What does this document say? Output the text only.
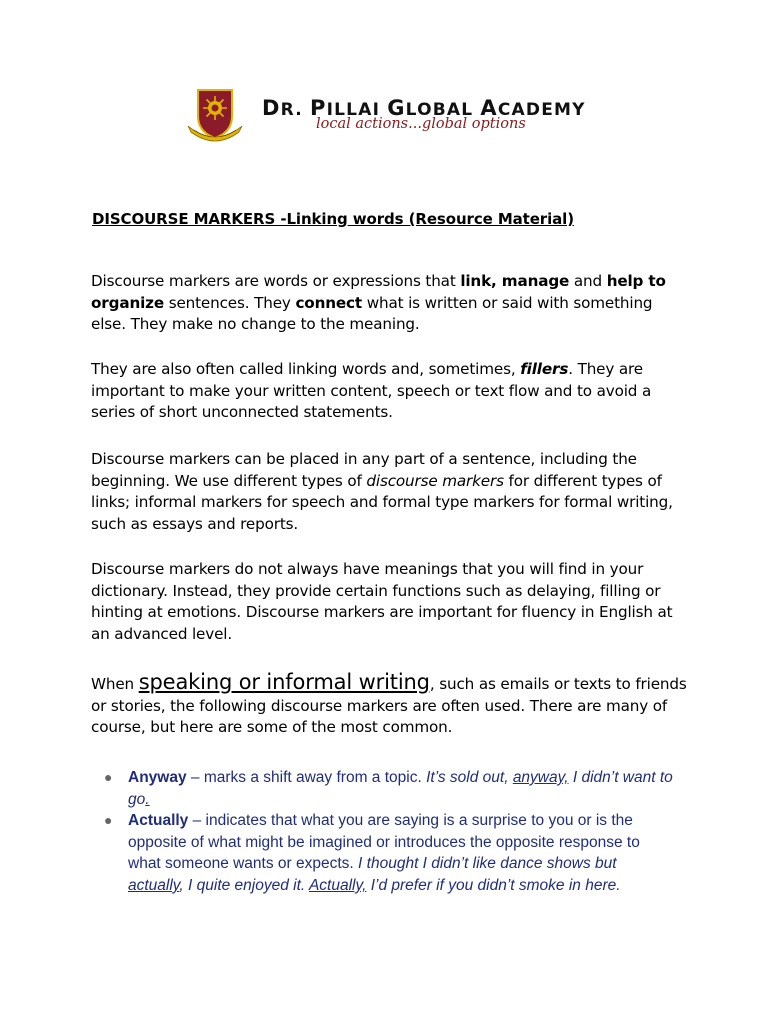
DR. PILLAI GLOBAL ACADEMY
local actions...global options
DISCOURSE MARKERS -Linking words (Resource Material)

Discourse markers are words or expressions that link, manage and help to organize sentences. They connect what is written or said with something else. They make no change to the meaning.

They are also often called linking words and, sometimes, fillers. They are important to make your written content, speech or text flow and to avoid a series of short unconnected statements.

Discourse markers can be placed in any part of a sentence, including the beginning. We use different types of discourse markers for different types of links; informal markers for speech and formal type markers for formal writing, such as essays and reports.

Discourse markers do not always have meanings that you will find in your dictionary. Instead, they provide certain functions such as delaying, filling or hinting at emotions. Discourse markers are important for fluency in English at an advanced level.

When speaking or informal writing, such as emails or texts to friends or stories, the following discourse markers are often used. There are many of course, but here are some of the most common.

● Anyway – marks a shift away from a topic. It’s sold out, anyway, I didn’t want to go.
● Actually – indicates that what you are saying is a surprise to you or is the opposite of what might be imagined or introduces the opposite response to what someone wants or expects. I thought I didn’t like dance shows but actually, I quite enjoyed it. Actually, I’d prefer if you didn’t smoke in here.
